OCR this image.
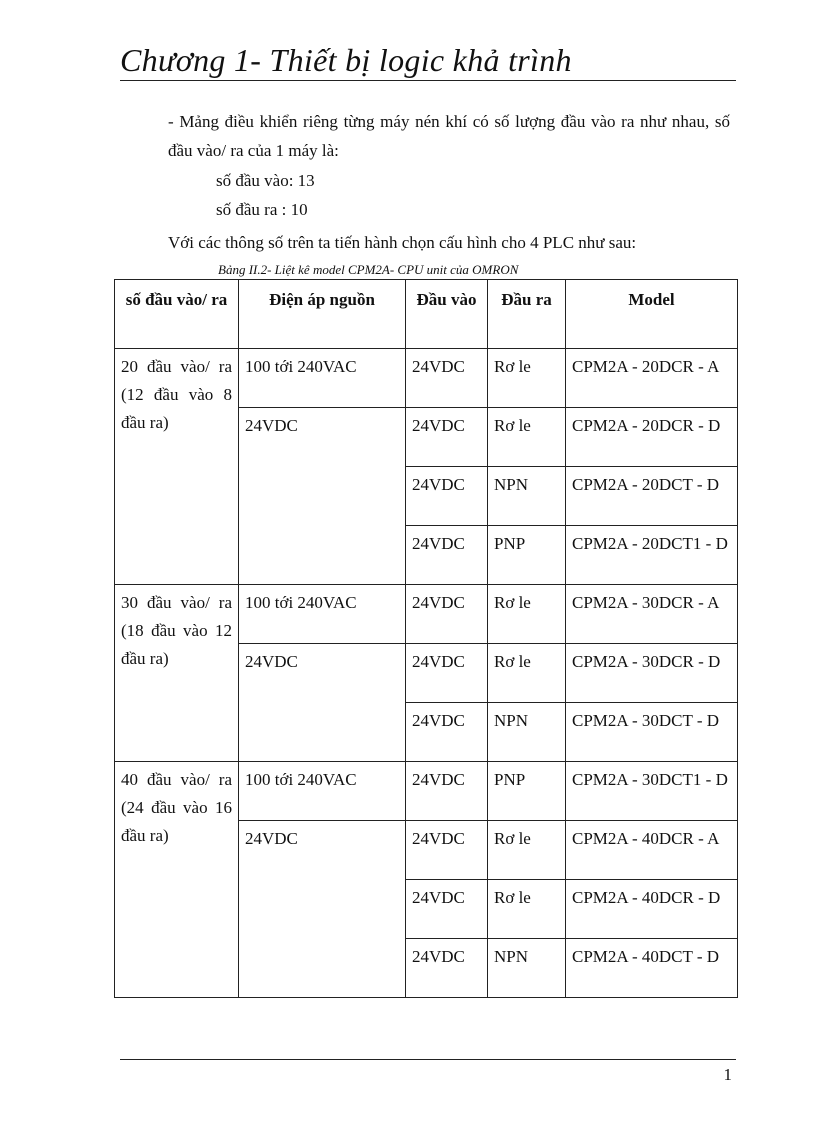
Chương 1- Thiết bị logic khả trình
- Mảng điều khiển riêng từng máy nén khí có số lượng đầu vào ra như nhau, số đầu vào/ ra của 1 máy là:
số đầu vào: 13
số đầu ra : 10
Với các thông số trên ta tiến hành chọn cấu hình cho 4 PLC như sau:
Bảng II.2- Liệt kê model CPM2A- CPU unit của OMRON
số đầu vào/ ra	Điện áp nguồn	Đầu vào	Đầu ra	Model
20 đầu vào/ ra (12 đầu vào 8 đầu ra)	100 tới 240VAC	24VDC	Rơ le	CPM2A - 20DCR - A
	24VDC	24VDC	Rơ le	CPM2A - 20DCR - D
		24VDC	NPN	CPM2A - 20DCT - D
		24VDC	PNP	CPM2A - 20DCT1 - D
30 đầu vào/ ra (18 đầu vào 12 đầu ra)	100 tới 240VAC	24VDC	Rơ le	CPM2A - 30DCR - A
	24VDC	24VDC	Rơ le	CPM2A - 30DCR - D
		24VDC	NPN	CPM2A - 30DCT - D
40 đầu vào/ ra (24 đầu vào 16 đầu ra)	100 tới 240VAC	24VDC	PNP	CPM2A - 30DCT1 - D
	24VDC	24VDC	Rơ le	CPM2A - 40DCR - A
		24VDC	Rơ le	CPM2A - 40DCR - D
		24VDC	NPN	CPM2A - 40DCT - D
1
